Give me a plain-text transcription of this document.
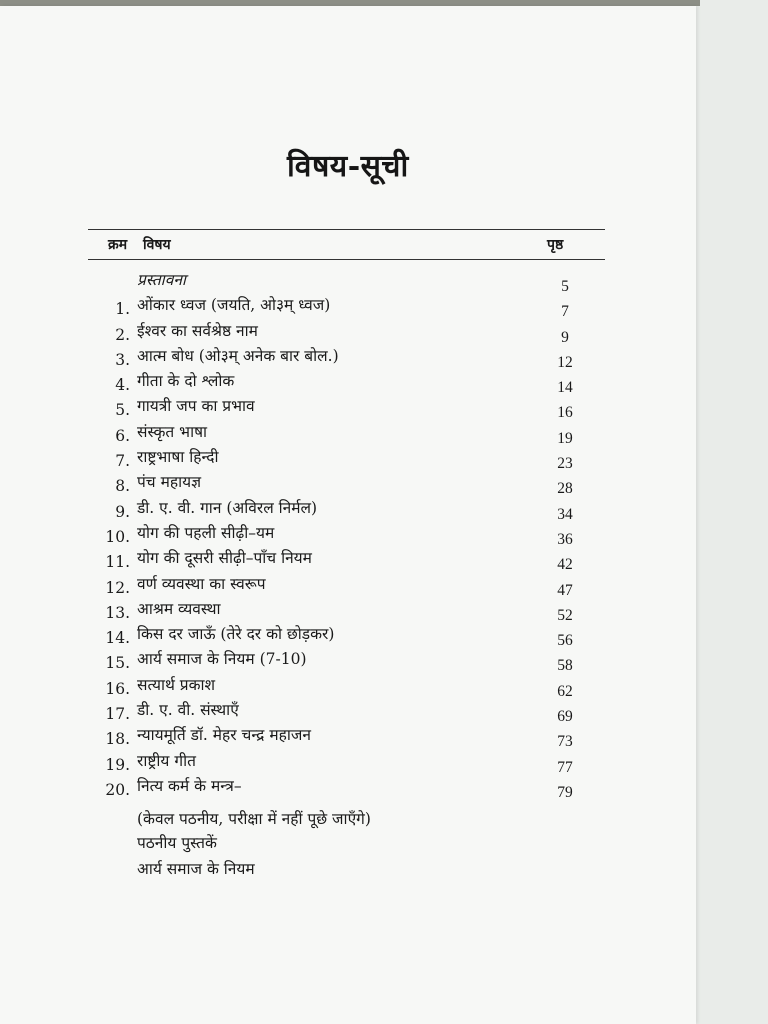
विषय-सूची
क्रम विषय	पृष्ठ
प्रस्तावना	5
1. ओंकार ध्वज (जयति, ओ३म् ध्वज)	7
2. ईश्वर का सर्वश्रेष्ठ नाम	9
3. आत्म बोध (ओ३म् अनेक बार बोल.)	12
4. गीता के दो श्लोक	14
5. गायत्री जप का प्रभाव	16
6. संस्कृत भाषा	19
7. राष्ट्रभाषा हिन्दी	23
8. पंच महायज्ञ	28
9. डी. ए. वी. गान (अविरल निर्मल)	34
10. योग की पहली सीढ़ी–यम	36
11. योग की दूसरी सीढ़ी–पाँच नियम	42
12. वर्ण व्यवस्था का स्वरूप	47
13. आश्रम व्यवस्था	52
14. किस दर जाऊँ (तेरे दर को छोड़कर)	56
15. आर्य समाज के नियम (7-10)	58
16. सत्यार्थ प्रकाश	62
17. डी. ए. वी. संस्थाएँ	69
18. न्यायमूर्ति डॉ. मेहर चन्द्र महाजन	73
19. राष्ट्रीय गीत	77
20. नित्य कर्म के मन्त्र–	79
(केवल पठनीय, परीक्षा में नहीं पूछे जाएँगे)
पठनीय पुस्तकें
आर्य समाज के नियम
